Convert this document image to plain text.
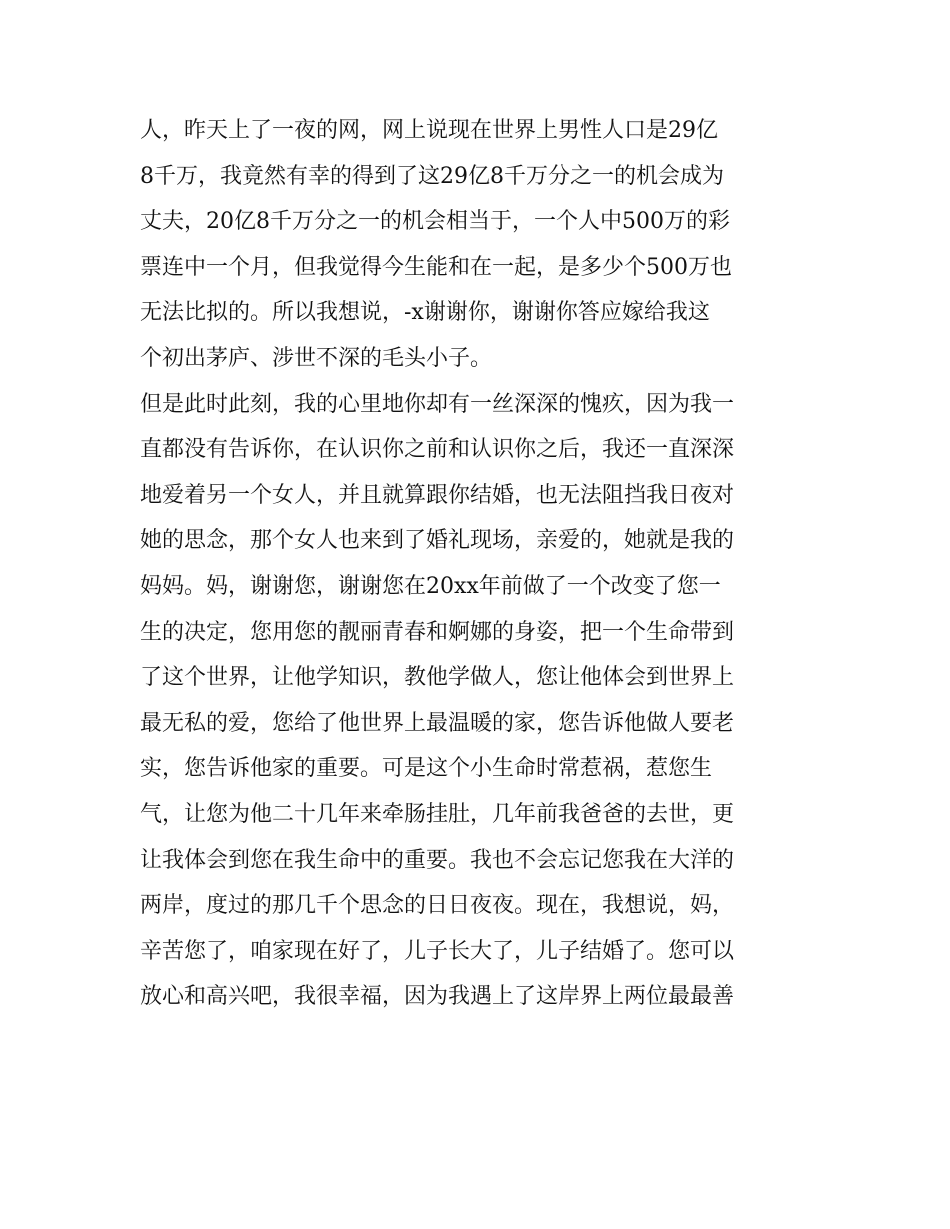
人，昨天上了一夜的网，网上说现在世界上男性人口是29亿
8千万，我竟然有幸的得到了这29亿8千万分之一的机会成为
丈夫，20亿8千万分之一的机会相当于，一个人中500万的彩
票连中一个月，但我觉得今生能和在一起，是多少个500万也
无法比拟的。所以我想说，-x谢谢你，谢谢你答应嫁给我这
个初出茅庐、涉世不深的毛头小子。
但是此时此刻，我的心里地你却有一丝深深的愧疚，因为我一
直都没有告诉你，在认识你之前和认识你之后，我还一直深深
地爱着另一个女人，并且就算跟你结婚，也无法阻挡我日夜对
她的思念，那个女人也来到了婚礼现场，亲爱的，她就是我的
妈妈。妈，谢谢您，谢谢您在20xx年前做了一个改变了您一
生的决定，您用您的靓丽青春和婀娜的身姿，把一个生命带到
了这个世界，让他学知识，教他学做人，您让他体会到世界上
最无私的爱，您给了他世界上最温暖的家，您告诉他做人要老
实，您告诉他家的重要。可是这个小生命时常惹祸，惹您生
气，让您为他二十几年来牵肠挂肚，几年前我爸爸的去世，更
让我体会到您在我生命中的重要。我也不会忘记您我在大洋的
两岸，度过的那几千个思念的日日夜夜。现在，我想说，妈，
辛苦您了，咱家现在好了，儿子长大了，儿子结婚了。您可以
放心和高兴吧，我很幸福，因为我遇上了这岸界上两位最最善
